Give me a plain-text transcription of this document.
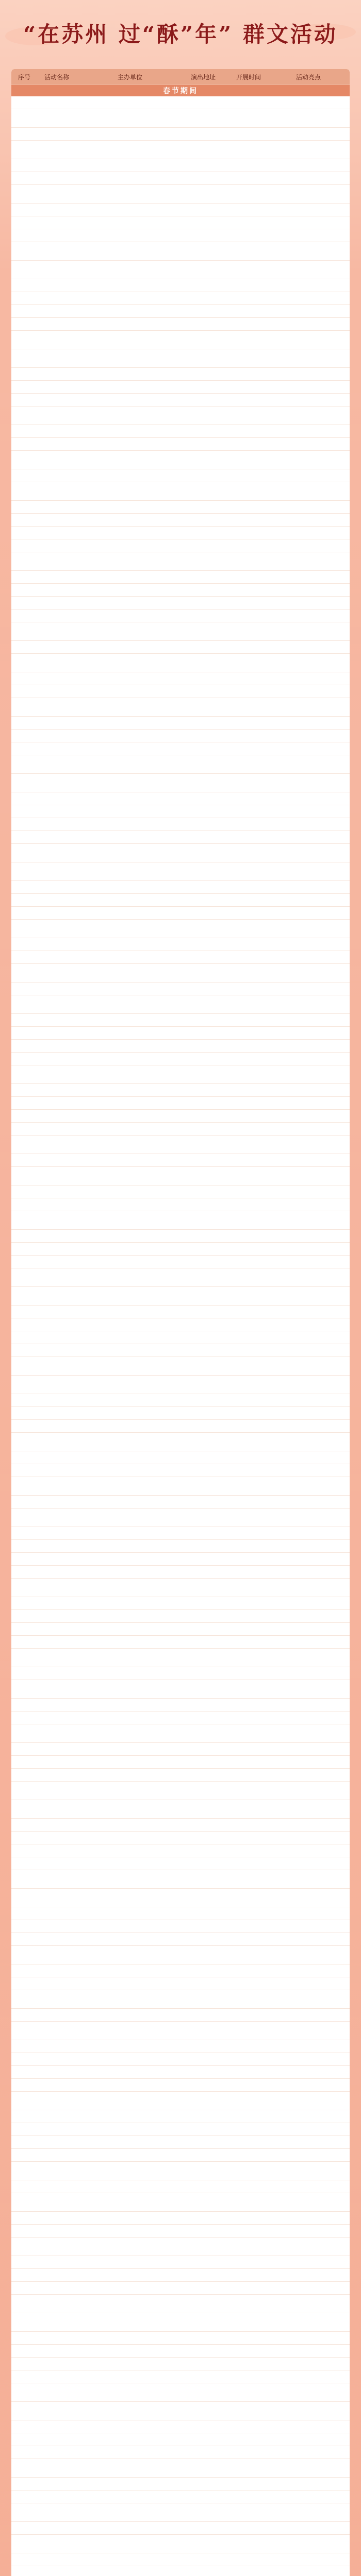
“在苏州 过“酥”年” 群文活动
序号	活动名称	主办单位	演出地址	开展时间	活动亮点
春节期间
